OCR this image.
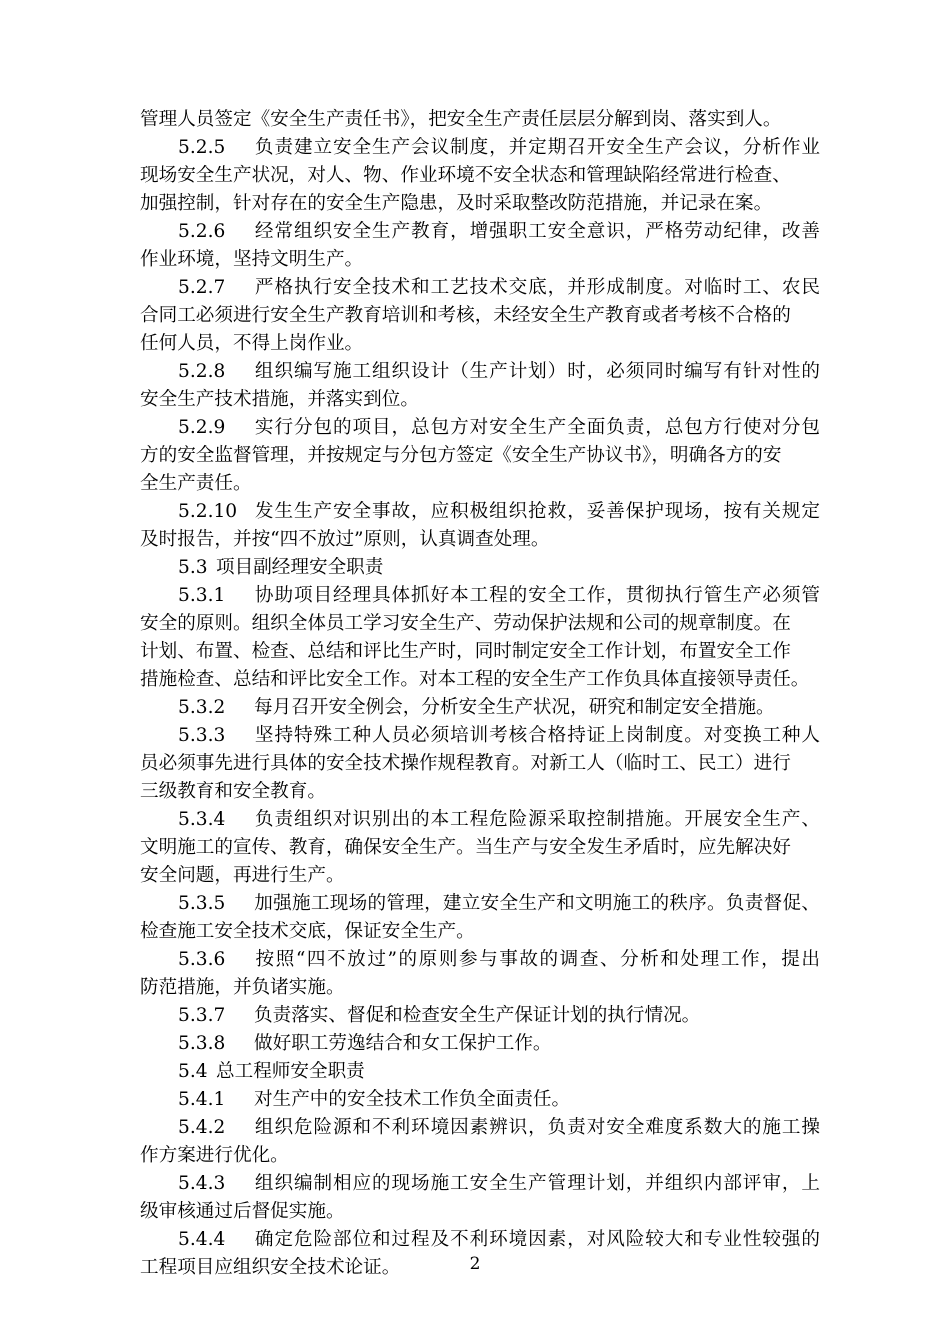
管理人员签定《安全生产责任书》，把安全生产责任层层分解到岗、落实到人。
5.2.5 负责建立安全生产会议制度，并定期召开安全生产会议，分析作业
现场安全生产状况，对人、物、作业环境不安全状态和管理缺陷经常进行检查、
加强控制，针对存在的安全生产隐患，及时采取整改防范措施，并记录在案。
5.2.6 经常组织安全生产教育，增强职工安全意识，严格劳动纪律，改善
作业环境，坚持文明生产。
5.2.7 严格执行安全技术和工艺技术交底，并形成制度。对临时工、农民
合同工必须进行安全生产教育培训和考核，未经安全生产教育或者考核不合格的
任何人员，不得上岗作业。
5.2.8 组织编写施工组织设计（生产计划）时，必须同时编写有针对性的
安全生产技术措施，并落实到位。
5.2.9 实行分包的项目，总包方对安全生产全面负责，总包方行使对分包
方的安全监督管理，并按规定与分包方签定《安全生产协议书》，明确各方的安
全生产责任。
5.2.10 发生生产安全事故，应积极组织抢救，妥善保护现场，按有关规定
及时报告，并按“四不放过”原则，认真调查处理。
5.3 项目副经理安全职责
5.3.1 协助项目经理具体抓好本工程的安全工作，贯彻执行管生产必须管
安全的原则。组织全体员工学习安全生产、劳动保护法规和公司的规章制度。在
计划、布置、检查、总结和评比生产时，同时制定安全工作计划，布置安全工作
措施检查、总结和评比安全工作。对本工程的安全生产工作负具体直接领导责任。
5.3.2 每月召开安全例会，分析安全生产状况，研究和制定安全措施。
5.3.3 坚持特殊工种人员必须培训考核合格持证上岗制度。对变换工种人
员必须事先进行具体的安全技术操作规程教育。对新工人（临时工、民工）进行
三级教育和安全教育。
5.3.4 负责组织对识别出的本工程危险源采取控制措施。开展安全生产、
文明施工的宣传、教育，确保安全生产。当生产与安全发生矛盾时，应先解决好
安全问题，再进行生产。
5.3.5 加强施工现场的管理，建立安全生产和文明施工的秩序。负责督促、
检查施工安全技术交底，保证安全生产。
5.3.6 按照“四不放过”的原则参与事故的调查、分析和处理工作，提出
防范措施，并负诸实施。
5.3.7 负责落实、督促和检查安全生产保证计划的执行情况。
5.3.8 做好职工劳逸结合和女工保护工作。
5.4 总工程师安全职责
5.4.1 对生产中的安全技术工作负全面责任。
5.4.2 组织危险源和不利环境因素辨识，负责对安全难度系数大的施工操
作方案进行优化。
5.4.3 组织编制相应的现场施工安全生产管理计划，并组织内部评审，上
级审核通过后督促实施。
5.4.4 确定危险部位和过程及不利环境因素，对风险较大和专业性较强的
工程项目应组织安全技术论证。	2
